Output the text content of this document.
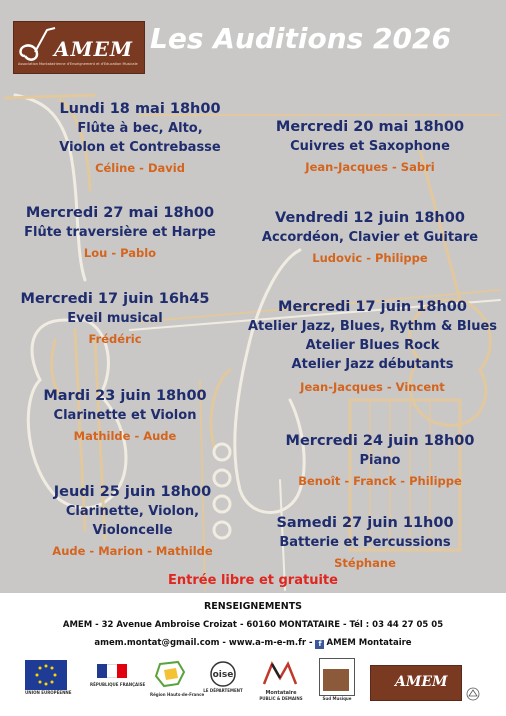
AMEM
Association Montatairienne d'Enseignement et d'Education Musicale
Les Auditions 2026
Lundi 18 mai 18h00
Flûte à bec, Alto,
Violon et Contrebasse
Céline - David
Mercredi 27 mai 18h00
Flûte traversière et Harpe
Lou - Pablo
Mercredi 17 juin 16h45
Eveil musical
Frédéric
Mardi 23 juin 18h00
Clarinette et Violon
Mathilde - Aude
Jeudi 25 juin 18h00
Clarinette, Violon,
Violoncelle
Aude - Marion - Mathilde
Mercredi 20 mai 18h00
Cuivres et Saxophone
Jean-Jacques - Sabri
Vendredi 12 juin 18h00
Accordéon, Clavier et Guitare
Ludovic - Philippe
Mercredi 17 juin 18h00
Atelier Jazz, Blues, Rythm & Blues
Atelier Blues Rock
Atelier Jazz débutants
Jean-Jacques - Vincent
Mercredi 24 juin 18h00
Piano
Benoît - Franck - Philippe
Samedi 27 juin 11h00
Batterie et Percussions
Stéphane
Entrée libre et gratuite
RENSEIGNEMENTS
AMEM - 32 Avenue Ambroise Croizat - 60160 MONTATAIRE - Tél : 03 44 27 05 05
amem.montat@gmail.com - www.a-m-e-m.fr - f AMEM Montataire
UNION EUROPÉENNE
RÉPUBLIQUE FRANÇAISE
Région Hauts-de-France
oise
LE DÉPARTEMENT	Montataire
PUBLIC & DEMAINS	Sud Musique
AMEM
